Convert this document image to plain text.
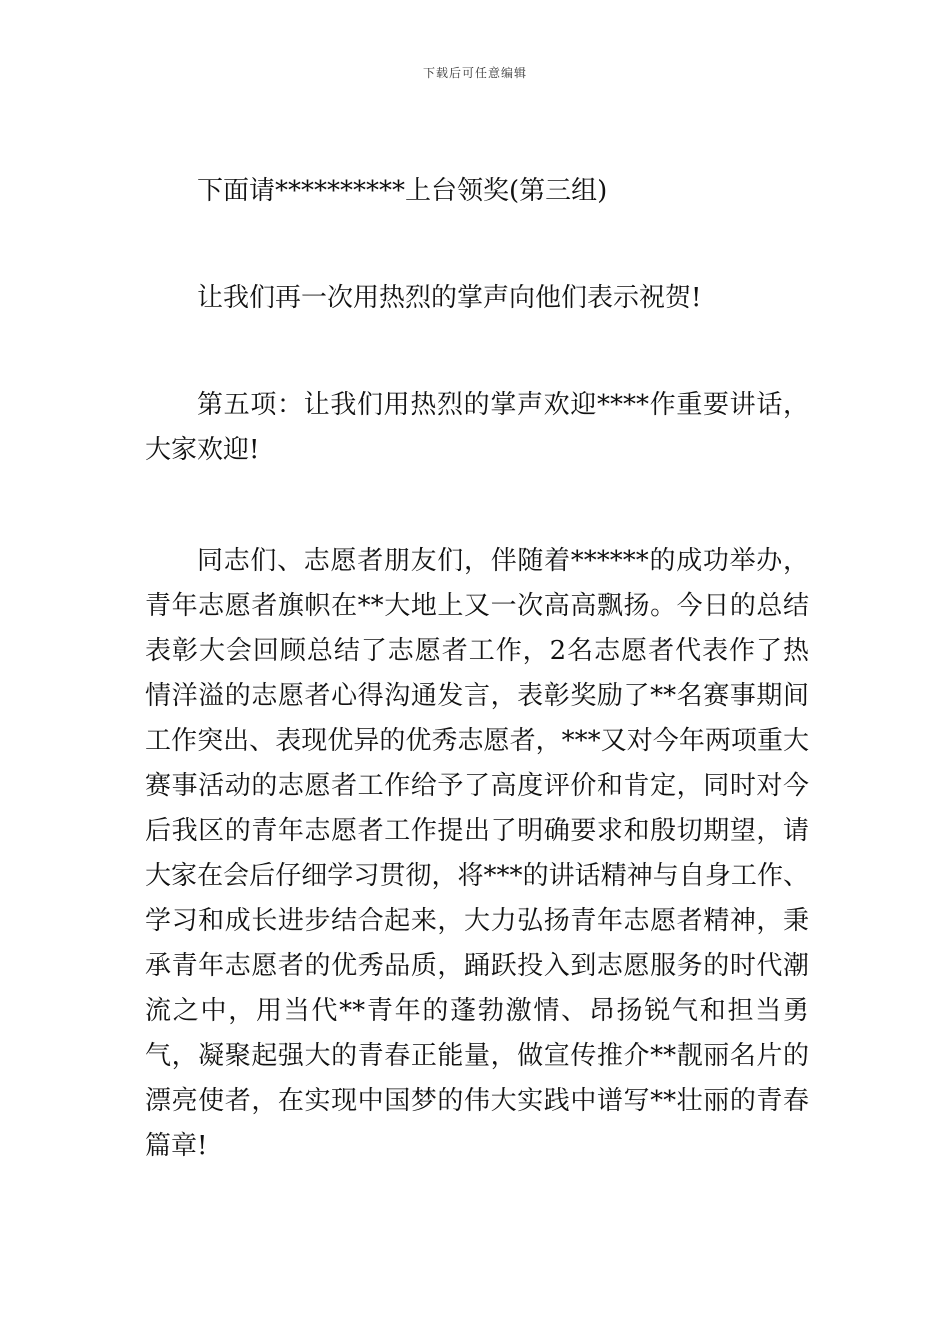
下载后可任意编辑

下面请**********上台领奖(第三组)

让我们再一次用热烈的掌声向他们表示祝贺!

第五项：让我们用热烈的掌声欢迎****作重要讲话，大家欢迎!

同志们、志愿者朋友们，伴随着******的成功举办，青年志愿者旗帜在**大地上又一次高高飘扬。今日的总结表彰大会回顾总结了志愿者工作，2名志愿者代表作了热情洋溢的志愿者心得沟通发言，表彰奖励了**名赛事期间工作突出、表现优异的优秀志愿者，***又对今年两项重大赛事活动的志愿者工作给予了高度评价和肯定，同时对今后我区的青年志愿者工作提出了明确要求和殷切期望，请大家在会后仔细学习贯彻，将***的讲话精神与自身工作、学习和成长进步结合起来，大力弘扬青年志愿者精神，秉承青年志愿者的优秀品质，踊跃投入到志愿服务的时代潮流之中，用当代**青年的蓬勃激情、昂扬锐气和担当勇气，凝聚起强大的青春正能量，做宣传推介**靓丽名片的漂亮使者，在实现中国梦的伟大实践中谱写**壮丽的青春篇章!
